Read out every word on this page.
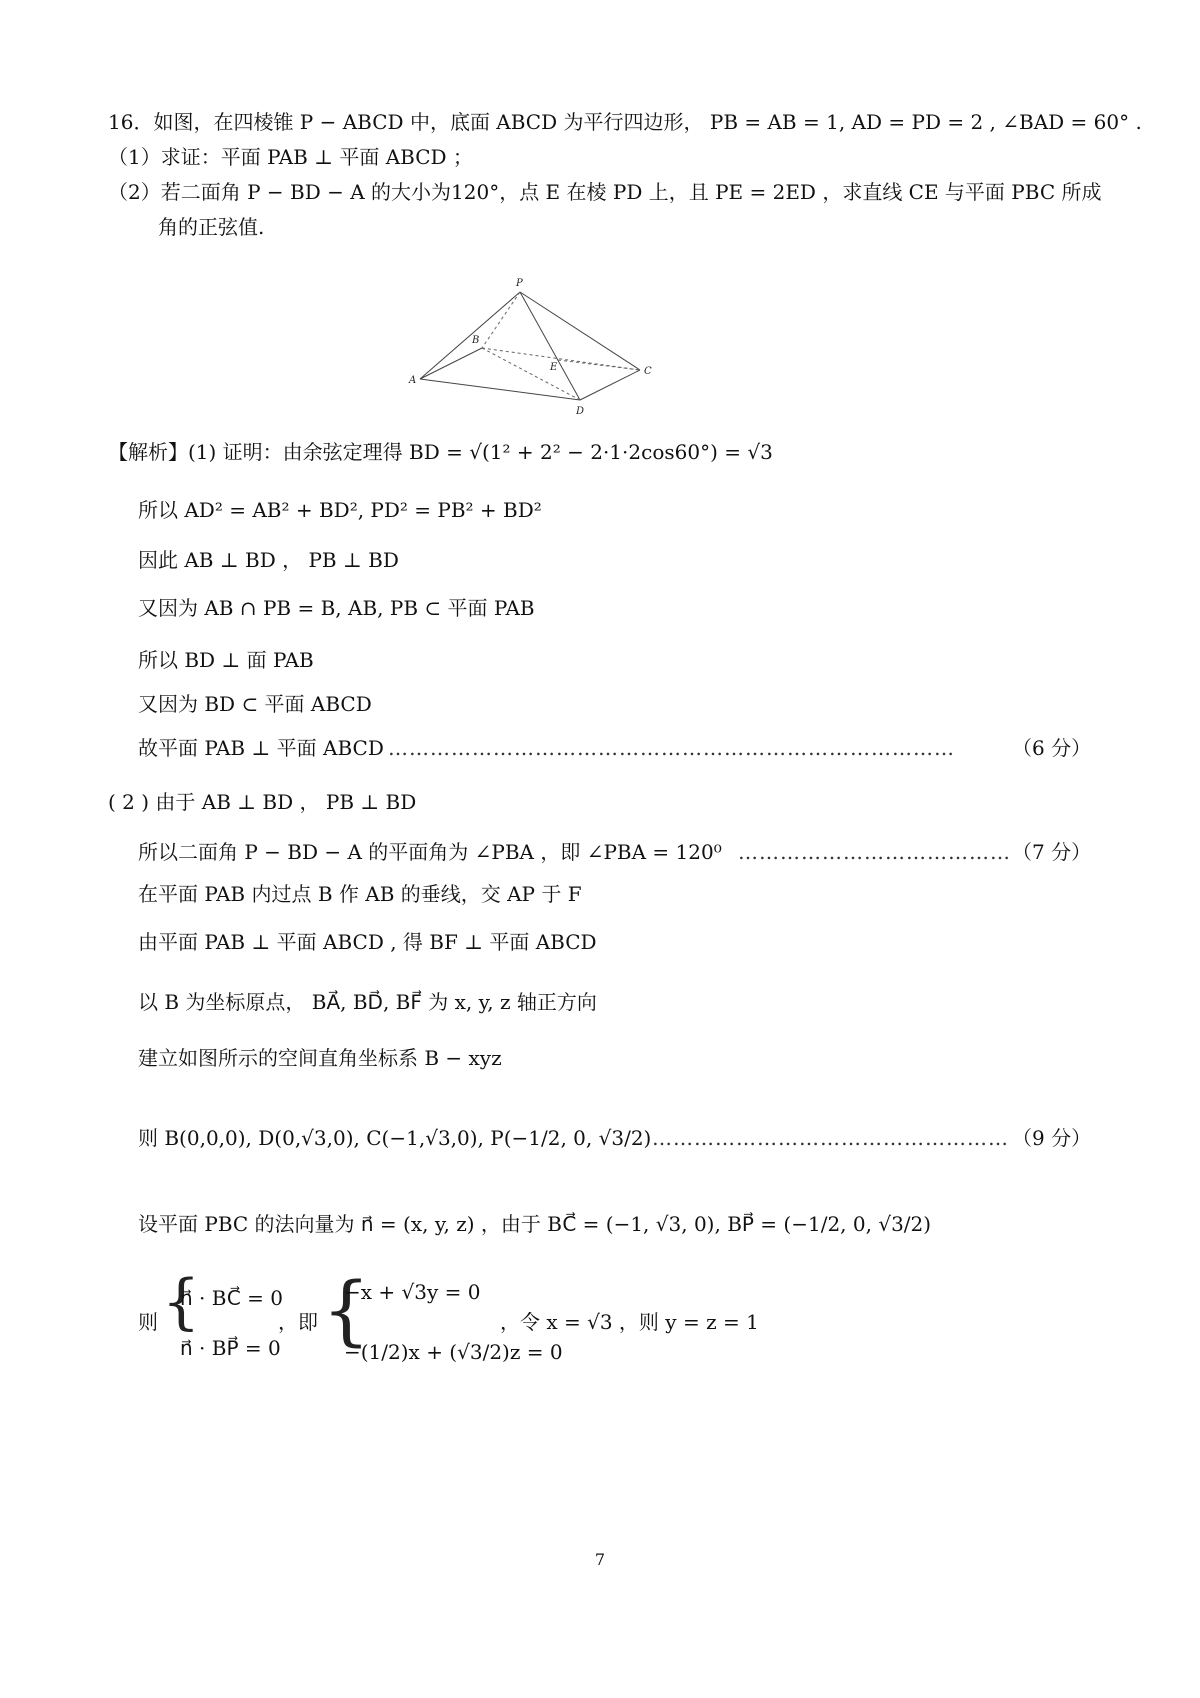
16．如图，在四棱锥 P − ABCD 中，底面 ABCD 为平行四边形， PB = AB = 1, AD = PD = 2 , ∠BAD = 60° .
（1）求证：平面 PAB ⊥ 平面 ABCD ；
（2）若二面角 P − BD − A 的大小为120°，点 E 在棱 PD 上，且 PE = 2ED ，求直线 CE 与平面 PBC 所成
角的正弦值.
P
A
B
C
D
E
【解析】(1) 证明：由余弦定理得 BD = √(1² + 2² − 2·1·2cos60°) = √3
所以 AD² = AB² + BD², PD² = PB² + BD²
因此 AB ⊥ BD ， PB ⊥ BD
又因为 AB ∩ PB = B, AB, PB ⊂ 平面 PAB
所以 BD ⊥ 面 PAB
又因为 BD ⊂ 平面 ABCD
故平面 PAB ⊥ 平面 ABCD ………………………………………………………………………	（6 分）
( 2 ) 由于 AB ⊥ BD ， PB ⊥ BD
所以二面角 P − BD − A 的平面角为 ∠PBA ，即 ∠PBA = 120⁰ ………………………………… （7 分）
在平面 PAB 内过点 B 作 AB 的垂线，交 AP 于 F
由平面 PAB ⊥ 平面 ABCD , 得 BF ⊥ 平面 ABCD
以 B 为坐标原点， BA⃗, BD⃗, BF⃗ 为 x, y, z 轴正方向
建立如图所示的空间直角坐标系 B − xyz
则 B(0,0,0), D(0,√3,0), C(−1,√3,0), P(−1/2, 0, √3/2) …………………………………………… （9 分）
设平面 PBC 的法向量为 n⃗ = (x, y, z) ，由于 BC⃗ = (−1, √3, 0), BP⃗ = (−1/2, 0, √3/2)
则 {
n⃗ · BC⃗ = 0
n⃗ · BP⃗ = 0
，即 {
−x + √3y = 0
−(1/2)x + (√3/2)z = 0
，令 x = √3 ，则 y = z = 1
7
